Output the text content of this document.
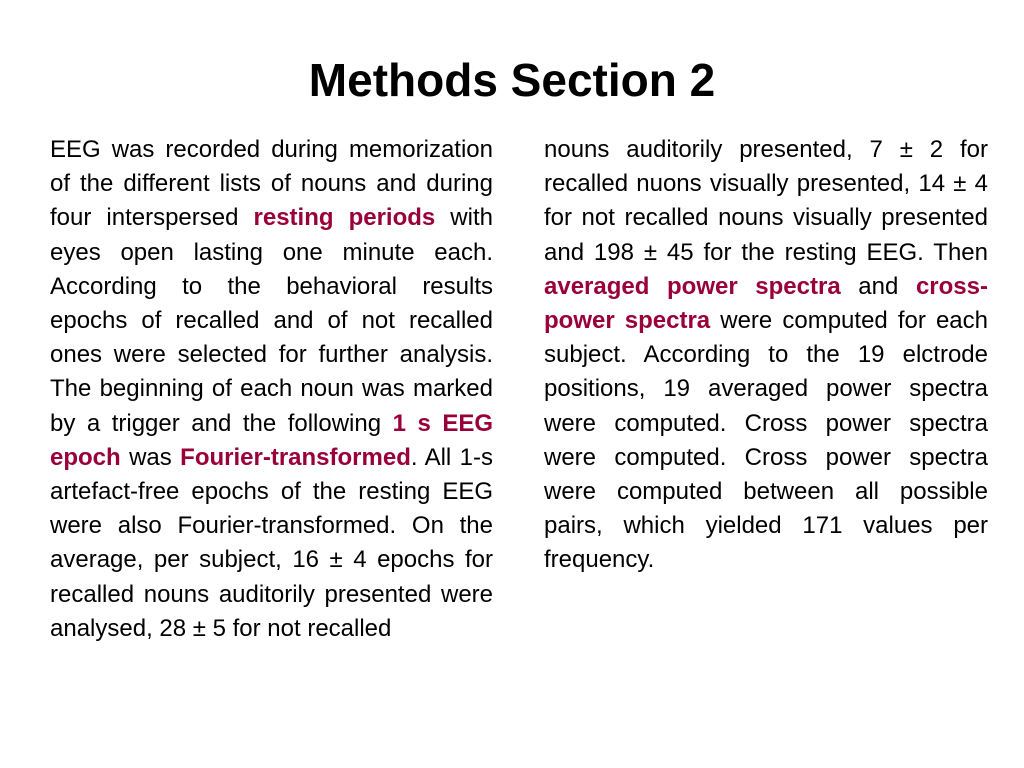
Methods Section 2

EEG was recorded during memorization of the different lists of nouns and during four interspersed resting periods with eyes open lasting one minute each. According to the behavioral results epochs of recalled and of not recalled ones were selected for further analysis. The beginning of each noun was marked by a trigger and the following 1 s EEG epoch was Fourier-transformed. All 1-s artefact-free epochs of the resting EEG were also Fourier-transformed. On the average, per subject, 16 ± 4 epochs for recalled nouns auditorily presented were analysed, 28 ± 5 for not recalled

nouns auditorily presented, 7 ± 2 for recalled nuons visually presented, 14 ± 4 for not recalled nouns visually presented and 198 ± 45 for the resting EEG. Then averaged power spectra and cross-power spectra were computed for each subject. According to the 19 elctrode positions, 19 averaged power spectra were computed. Cross power spectra were computed. Cross power spectra were computed between all possible pairs, which yielded 171 values per frequency.
